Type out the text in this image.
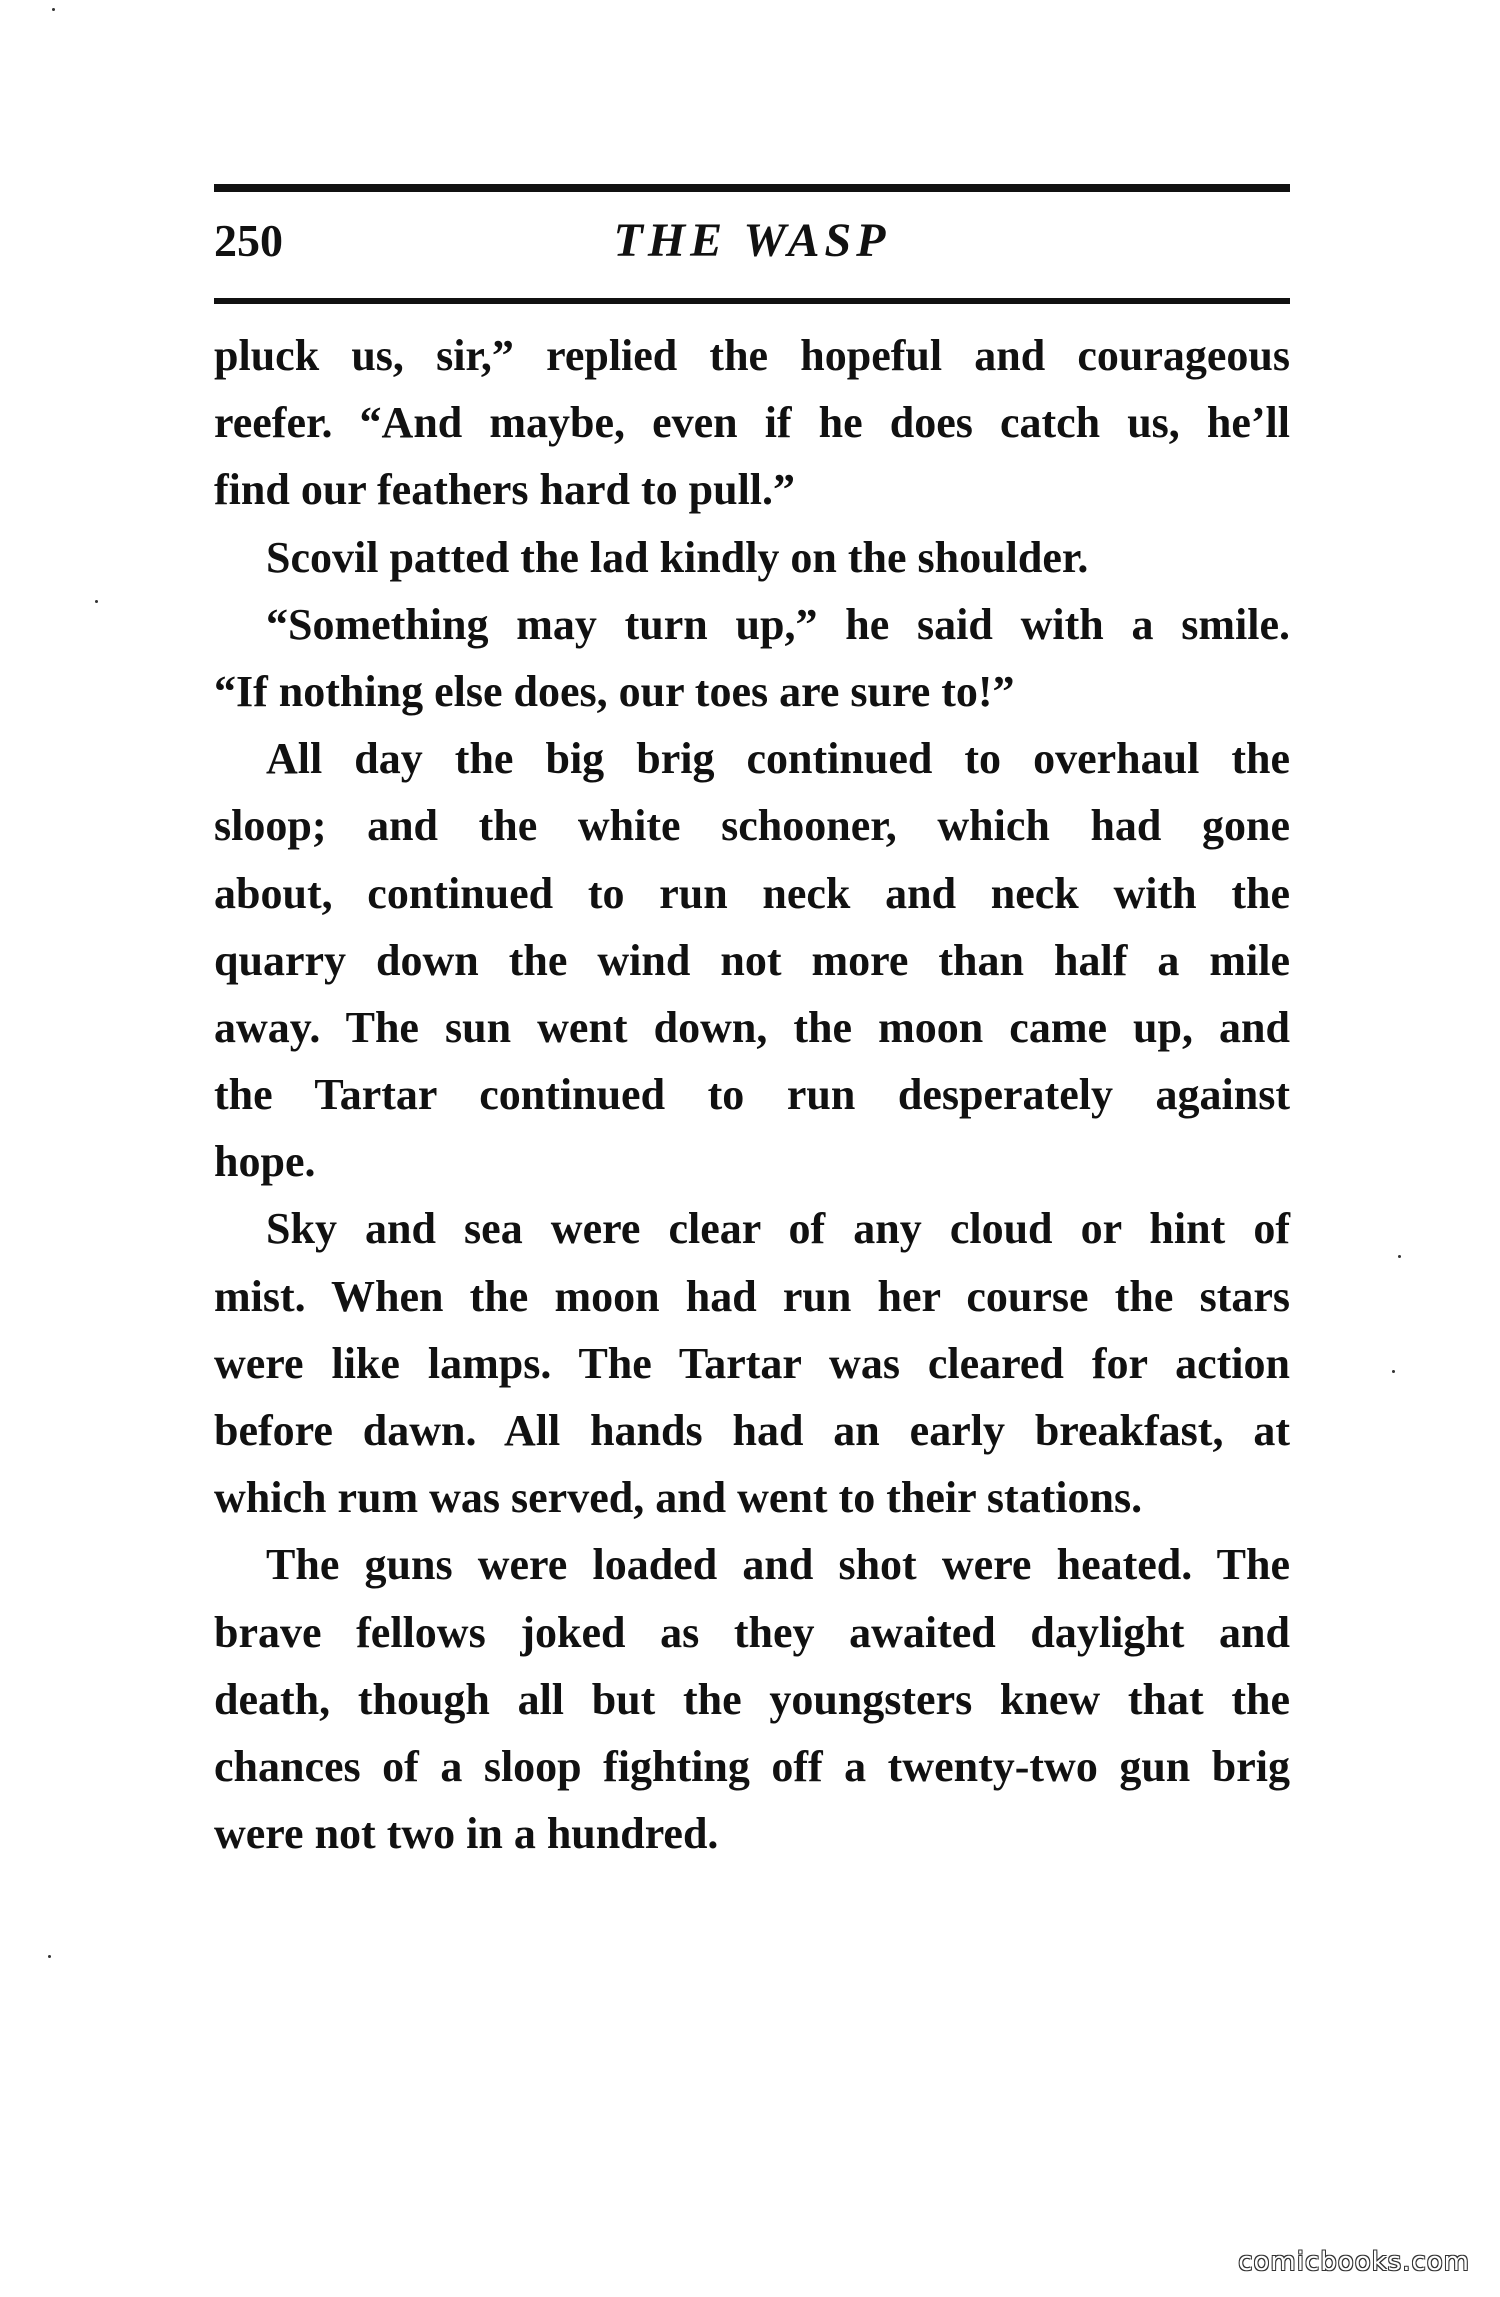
250	THE WASP
pluck us, sir,” replied the hopeful and courageous
reefer. “And maybe, even if he does catch us, he’ll
find our feathers hard to pull.”
Scovil patted the lad kindly on the shoulder.
“Something may turn up,” he said with a smile.
“If nothing else does, our toes are sure to!”
All day the big brig continued to overhaul the
sloop; and the white schooner, which had gone
about, continued to run neck and neck with the
quarry down the wind not more than half a mile
away. The sun went down, the moon came up, and
the Tartar continued to run desperately against
hope.
Sky and sea were clear of any cloud or hint of
mist. When the moon had run her course the stars
were like lamps. The Tartar was cleared for action
before dawn. All hands had an early breakfast, at
which rum was served, and went to their stations.
The guns were loaded and shot were heated. The
brave fellows joked as they awaited daylight and
death, though all but the youngsters knew that the
chances of a sloop fighting off a twenty-two gun brig
were not two in a hundred.
comicbooks.com
